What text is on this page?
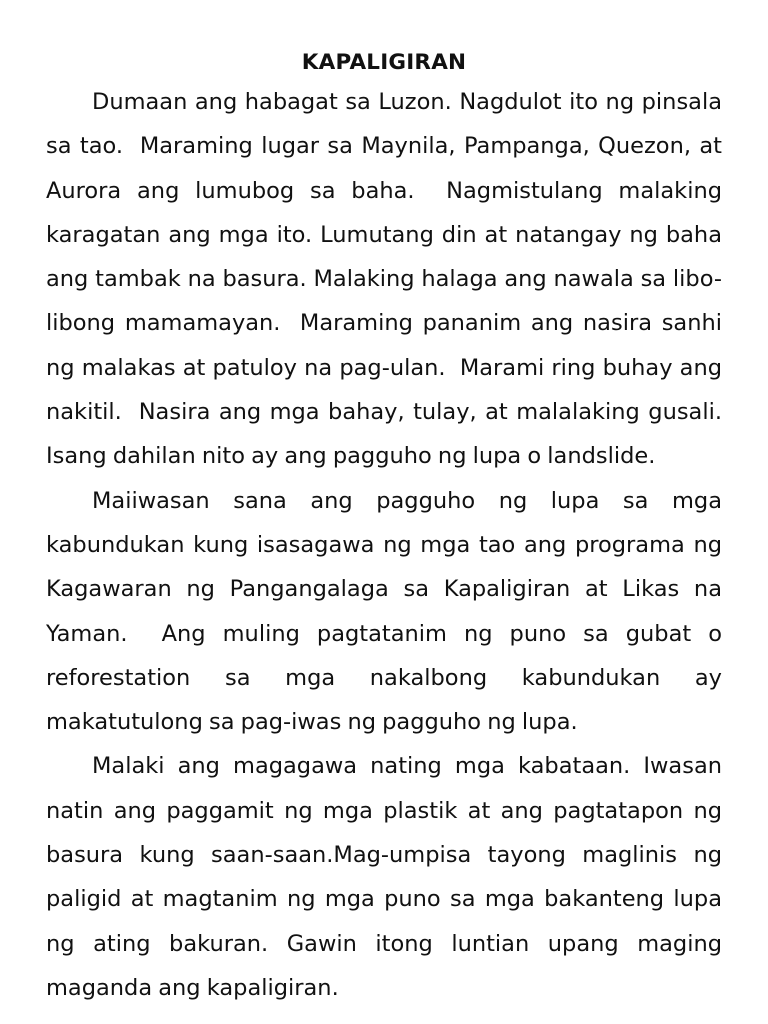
KAPALIGIRAN

Dumaan ang habagat sa Luzon. Nagdulot ito ng pinsala sa tao.  Maraming lugar sa Maynila, Pampanga, Quezon, at Aurora ang lumubog sa baha.  Nagmistulang malaking karagatan ang mga ito. Lumutang din at natangay ng baha ang tambak na basura. Malaking halaga ang nawala sa libo-libong mamamayan.  Maraming pananim ang nasira sanhi ng malakas at patuloy na pag-ulan.  Marami ring buhay ang nakitil.  Nasira ang mga bahay, tulay, at malalaking gusali. Isang dahilan nito ay ang pagguho ng lupa o landslide.

Maiiwasan sana ang pagguho ng lupa sa mga kabundukan kung isasagawa ng mga tao ang programa ng Kagawaran ng Pangangalaga sa Kapaligiran at Likas na Yaman.  Ang muling pagtatanim ng puno sa gubat o reforestation sa mga nakalbong kabundukan ay makatutulong sa pag-iwas ng pagguho ng lupa.

Malaki ang magagawa nating mga kabataan. Iwasan natin ang paggamit ng mga plastik at ang pagtatapon ng basura kung saan-saan.Mag-umpisa tayong maglinis ng paligid at magtanim ng mga puno sa mga bakanteng lupa ng ating bakuran. Gawin itong luntian upang maging maganda ang kapaligiran.
